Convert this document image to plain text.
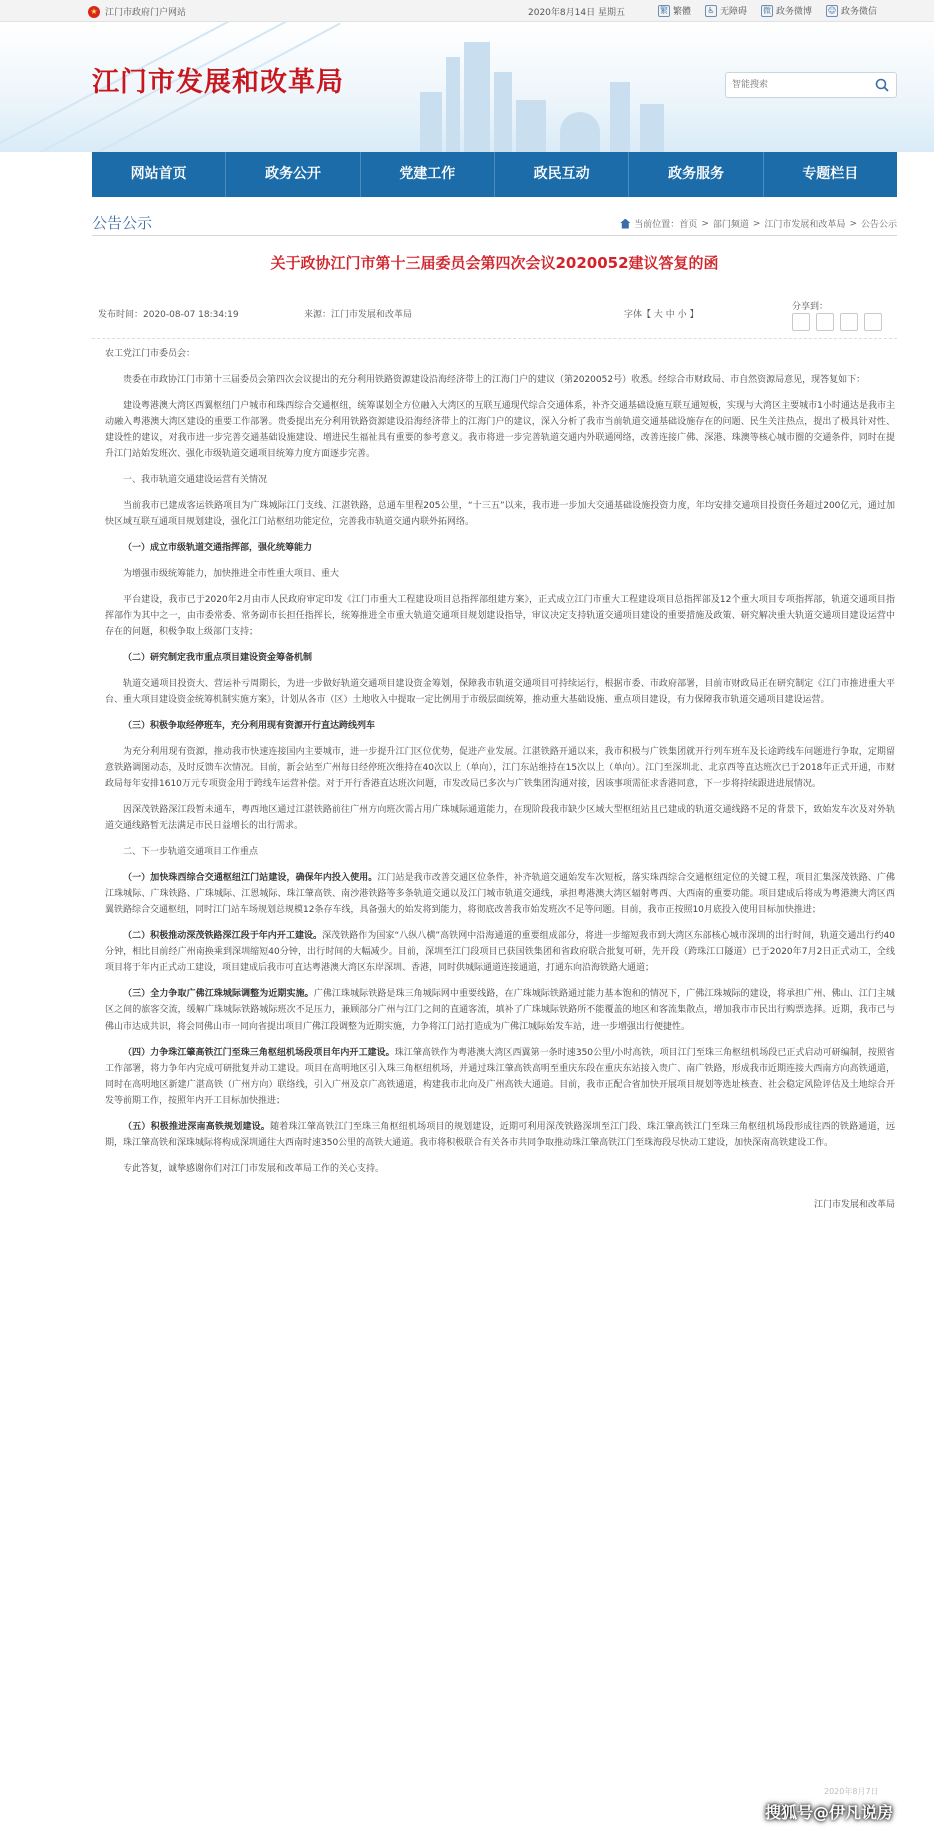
★ 江门市政府门户网站	2020年8月14日 星期五	繁 繁體	♿ 无障碍 微 政务微博 ☺ 政务微信
江门市发展和改革局
智能搜索
网站首页	政务公开	党建工作	政民互动	政务服务	专题栏目
公告公示	当前位置：首页 > 部门频道 > 江门市发展和改革局 > 公告公示
关于政协江门市第十三届委员会第四次会议2020052建议答复的函
发布时间：2020-08-07 18:34:19	来源：江门市发展和改革局	字体【 大 中 小 】
分享到：

农工党江门市委员会：

贵委在市政协江门市第十三届委员会第四次会议提出的充分利用铁路资源建设沿海经济带上的江海门户的建议（第2020052号）收悉。经综合市财政局、市自然资源局意见，现答复如下：

建设粤港澳大湾区西翼枢纽门户城市和珠西综合交通枢纽，统筹谋划全方位融入大湾区的互联互通现代综合交通体系，补齐交通基础设施互联互通短板，实现与大湾区主要城市1小时通达是我市主动融入粤港澳大湾区建设的重要工作部署。贵委提出充分利用铁路资源建设沿海经济带上的江海门户的建议，深入分析了我市当前轨道交通基础设施存在的问题、民生关注热点，提出了极具针对性、建设性的建议，对我市进一步完善交通基础设施建设、增进民生福祉具有重要的参考意义。我市将进一步完善轨道交通内外联通网络，改善连接广佛、深港、珠澳等核心城市圈的交通条件，同时在提升江门站始发班次、强化市级轨道交通项目统筹力度方面逐步完善。

一、我市轨道交通建设运营有关情况

当前我市已建成客运铁路项目为广珠城际江门支线、江湛铁路，总通车里程205公里，“十三五”以来，我市进一步加大交通基础设施投资力度，年均安排交通项目投资任务超过200亿元，通过加快区域互联互通项目规划建设，强化江门站枢纽功能定位，完善我市轨道交通内联外拓网络。

（一）成立市级轨道交通指挥部，强化统筹能力

为增强市级统筹能力，加快推进全市性重大项目、重大

平台建设，我市已于2020年2月由市人民政府审定印发《江门市重大工程建设项目总指挥部组建方案》，正式成立江门市重大工程建设项目总指挥部及12个重大项目专项指挥部，轨道交通项目指挥部作为其中之一，由市委常委、常务副市长担任指挥长，统筹推进全市重大轨道交通项目规划建设指导，审议决定支持轨道交通项目建设的重要措施及政策、研究解决重大轨道交通项目建设运营中存在的问题，积极争取上级部门支持；

（二）研究制定我市重点项目建设资金筹备机制

轨道交通项目投资大、营运补亏周期长，为进一步做好轨道交通项目建设资金筹划，保障我市轨道交通项目可持续运行，根据市委、市政府部署，目前市财政局正在研究制定《江门市推进重大平台、重大项目建设资金统筹机制实施方案》，计划从各市（区）土地收入中提取一定比例用于市级层面统筹，推动重大基础设施、重点项目建设，有力保障我市轨道交通项目建设运营。

（三）积极争取经停班车，充分利用现有资源开行直达跨线列车

为充分利用现有资源，推动我市快速连接国内主要城市，进一步提升江门区位优势，促进产业发展。江湛铁路开通以来，我市积极与广铁集团就开行列车班车及长途跨线车问题进行争取，定期留意铁路调图动态，及时反馈车次情况。目前，新会站至广州每日经停班次维持在40次以上（单向），江门东站维持在15次以上（单向）。江门至深圳北、北京西等直达班次已于2018年正式开通，市财政局每年安排1610万元专项资金用于跨线车运营补偿。对于开行香港直达班次问题，市发改局已多次与广铁集团沟通对接，因该事项需征求香港同意，下一步将持续跟进进展情况。

因深茂铁路深江段暂未通车，粤西地区通过江湛铁路前往广州方向班次需占用广珠城际通道能力，在现阶段我市缺少区域大型枢纽站且已建成的轨道交通线路不足的背景下，致始发车次及对外轨道交通线路暂无法满足市民日益增长的出行需求。

二、下一步轨道交通项目工作重点

（一）加快珠西综合交通枢纽江门站建设，确保年内投入使用。江门站是我市改善交通区位条件，补齐轨道交通始发车次短板，落实珠西综合交通枢纽定位的关键工程，项目汇集深茂铁路、广佛江珠城际、广珠铁路、广珠城际、江恩城际、珠江肇高铁、南沙港铁路等多条轨道交通以及江门城市轨道交通线，承担粤港澳大湾区辐射粤西、大西南的重要功能。项目建成后将成为粤港澳大湾区西翼铁路综合交通枢纽，同时江门站车场规划总规模12条存车线，具备强大的始发将到能力，将彻底改善我市始发班次不足等问题。目前，我市正按照10月底投入使用目标加快推进；

（二）积极推动深茂铁路深江段于年内开工建设。深茂铁路作为国家“八纵八横”高铁网中沿海通道的重要组成部分，将进一步缩短我市到大湾区东部核心城市深圳的出行时间，轨道交通出行约40分钟，相比目前经广州南换乘到深圳缩短40分钟，出行时间的大幅减少。目前，深圳至江门段项目已获国铁集团和省政府联合批复可研，先开段（跨珠江口隧道）已于2020年7月2日正式动工，全线项目将于年内正式动工建设，项目建成后我市可直达粤港澳大湾区东岸深圳、香港，同时供城际通道连接通道，打通东向沿海铁路大通道；

（三）全力争取广佛江珠城际调整为近期实施。广佛江珠城际铁路是珠三角城际网中重要线路，在广珠城际铁路通过能力基本饱和的情况下，广佛江珠城际的建设，将承担广州、佛山、江门主城区之间的旅客交流，缓解广珠城际铁路城际班次不足压力，兼顾部分广州与江门之间的直通客流，填补了广珠城际铁路所不能覆盖的地区和客流集散点，增加我市市民出行购票选择。近期，我市已与佛山市达成共识，将会同佛山市一同向省提出项目广佛江段调整为近期实施，力争将江门站打造成为广佛江城际始发车站，进一步增强出行便捷性。

（四）力争珠江肇高铁江门至珠三角枢纽机场段项目年内开工建设。珠江肇高铁作为粤港澳大湾区西翼第一条时速350公里/小时高铁，项目江门至珠三角枢纽机场段已正式启动可研编制，按照省工作部署，将力争年内完成可研批复并动工建设。项目在高明地区引入珠三角枢纽机场，并通过珠江肇高铁高明至重庆东段在重庆东站接入贵广、南广铁路，形成我市近期连接大西南方向高铁通道，同时在高明地区新建广湛高铁（广州方向）联络线，引入广州及京广高铁通道，构建我市北向及广州高铁大通道。目前，我市正配合省加快开展项目规划等选址核查、社会稳定风险评估及土地综合开发等前期工作，按照年内开工目标加快推进；

（五）积极推进深南高铁规划建设。随着珠江肇高铁江门至珠三角枢纽机场项目的规划建设，近期可利用深茂铁路深圳至江门段、珠江肇高铁江门至珠三角枢纽机场段形成往西的铁路通道，远期，珠江肇高铁和深珠城际将构成深圳通往大西南时速350公里的高铁大通道。我市将积极联合有关各市共同争取推动珠江肇高铁江门至珠海段尽快动工建设，加快深南高铁建设工作。

专此答复，诚挚感谢你们对江门市发展和改革局工作的关心支持。

江门市发展和改革局

2020年8月7日
搜狐号@伊凡说房
